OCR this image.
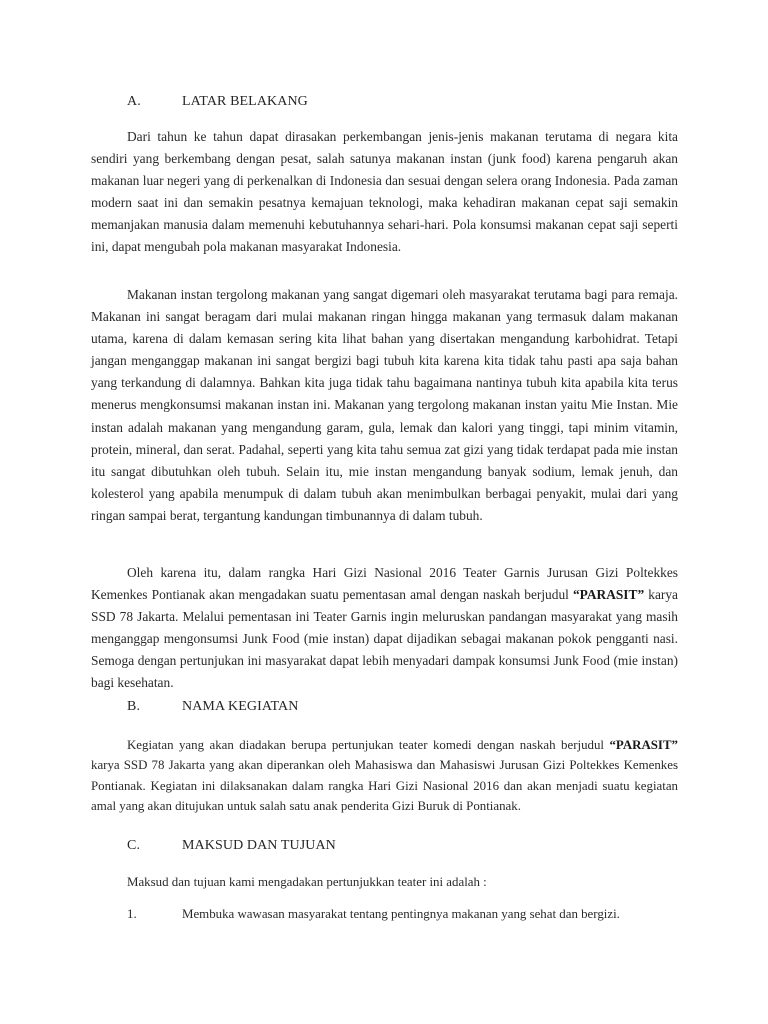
A.	LATAR BELAKANG

Dari tahun ke tahun dapat dirasakan perkembangan jenis-jenis makanan terutama di negara kita sendiri yang berkembang dengan pesat, salah satunya makanan instan (junk food) karena pengaruh akan makanan luar negeri yang di perkenalkan di Indonesia dan sesuai dengan selera orang Indonesia. Pada zaman modern saat ini dan semakin pesatnya kemajuan teknologi, maka kehadiran makanan cepat saji semakin memanjakan manusia dalam memenuhi kebutuhannya sehari-hari. Pola konsumsi makanan cepat saji seperti ini, dapat mengubah pola makanan masyarakat Indonesia.

Makanan instan tergolong makanan yang sangat digemari oleh masyarakat terutama bagi para remaja. Makanan ini sangat beragam dari mulai makanan ringan hingga makanan yang termasuk dalam makanan utama, karena di dalam kemasan sering kita lihat bahan yang disertakan mengandung karbohidrat. Tetapi jangan menganggap makanan ini sangat bergizi bagi tubuh kita karena kita tidak tahu pasti apa saja bahan yang terkandung di dalamnya. Bahkan kita juga tidak tahu bagaimana nantinya tubuh kita apabila kita terus menerus mengkonsumsi makanan instan ini. Makanan yang tergolong makanan instan yaitu Mie Instan. Mie instan adalah makanan yang mengandung garam, gula, lemak dan kalori yang tinggi, tapi minim vitamin, protein, mineral, dan serat. Padahal, seperti yang kita tahu semua zat gizi yang tidak terdapat pada mie instan itu sangat dibutuhkan oleh tubuh. Selain itu, mie instan mengandung banyak sodium, lemak jenuh, dan kolesterol yang apabila menumpuk di dalam tubuh akan menimbulkan berbagai penyakit, mulai dari yang ringan sampai berat, tergantung kandungan timbunannya di dalam tubuh.

Oleh karena itu, dalam rangka Hari Gizi Nasional 2016 Teater Garnis Jurusan Gizi Poltekkes Kemenkes Pontianak akan mengadakan suatu pementasan amal dengan naskah berjudul “PARASIT” karya SSD 78 Jakarta. Melalui pementasan ini Teater Garnis ingin meluruskan pandangan masyarakat yang masih menganggap mengonsumsi Junk Food (mie instan) dapat dijadikan sebagai makanan pokok pengganti nasi. Semoga dengan pertunjukan ini masyarakat dapat lebih menyadari dampak konsumsi Junk Food (mie instan) bagi kesehatan.

B.	NAMA KEGIATAN

Kegiatan yang akan diadakan berupa pertunjukan teater komedi dengan naskah berjudul “PARASIT” karya SSD 78 Jakarta yang akan diperankan oleh Mahasiswa dan Mahasiswi Jurusan Gizi Poltekkes Kemenkes Pontianak. Kegiatan ini dilaksanakan dalam rangka Hari Gizi Nasional 2016 dan akan menjadi suatu kegiatan amal yang akan ditujukan untuk salah satu anak penderita Gizi Buruk di Pontianak.

C.	MAKSUD DAN TUJUAN

Maksud dan tujuan kami mengadakan pertunjukkan teater ini adalah :

1.	Membuka wawasan masyarakat tentang pentingnya makanan yang sehat dan bergizi.
